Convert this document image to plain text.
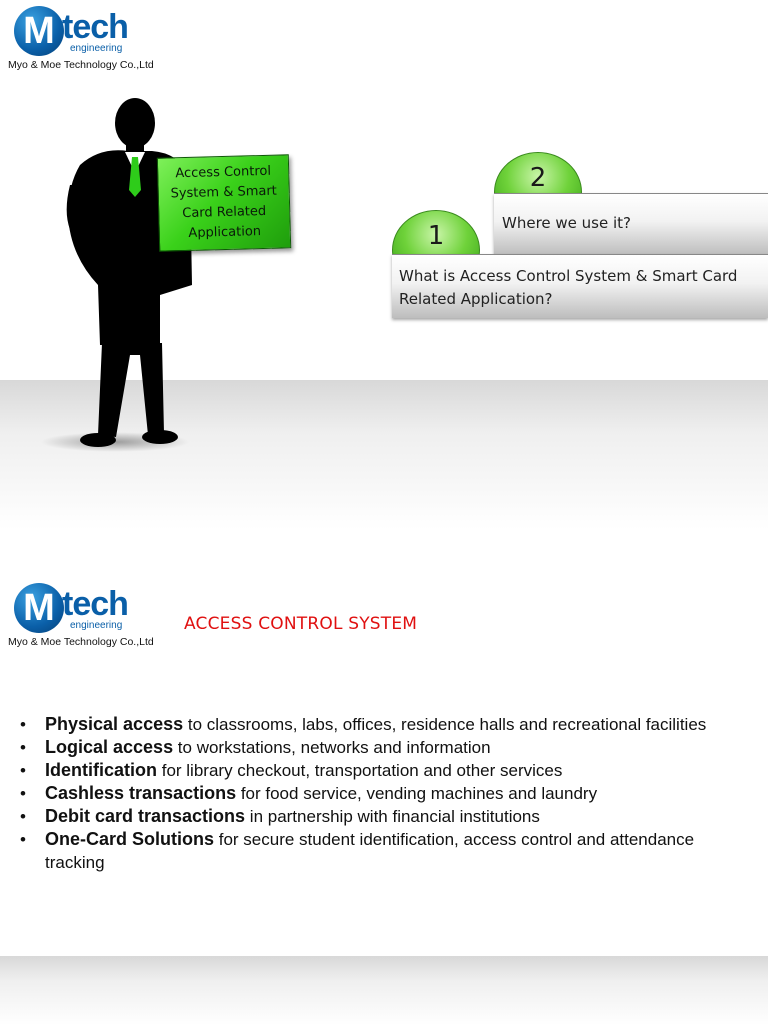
M tech
engineering
Myo & Moe Technology Co.,Ltd
Access Control System & Smart Card Related Application
2
Where we use it?
1
What is Access Control System & Smart Card Related Application?
M tech
engineering
Myo & Moe Technology Co.,Ltd
ACCESS CONTROL SYSTEM
• Physical access to classrooms, labs, offices, residence halls and recreational facilities
• Logical access to workstations, networks and information
• Identification for library checkout, transportation and other services
• Cashless transactions for food service, vending machines and laundry
• Debit card transactions in partnership with financial institutions
• One-Card Solutions for secure student identification, access control and attendance tracking
